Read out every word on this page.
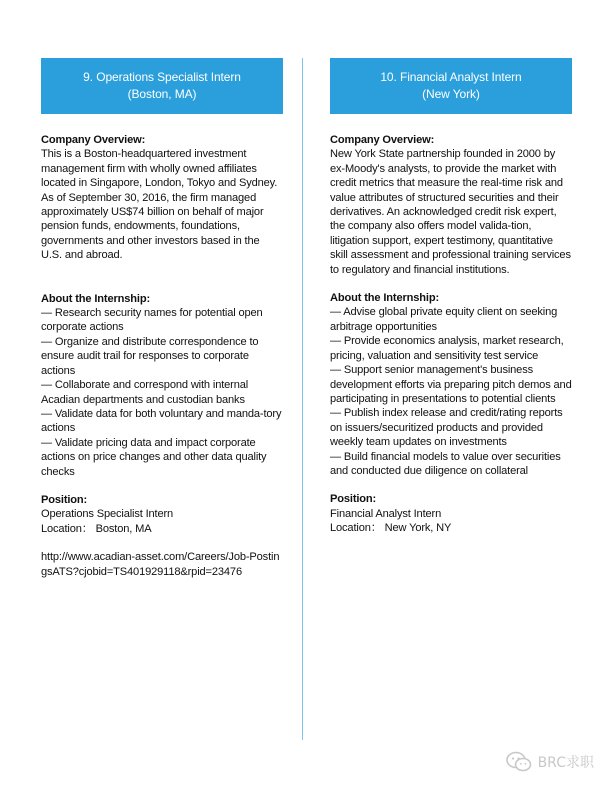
9. Operations Specialist Intern
(Boston, MA)

Company Overview:

This is a Boston-headquartered investment management firm with wholly owned affiliates located in Singapore, London, Tokyo and Sydney. As of September 30, 2016, the firm managed approximately US$74 billion on behalf of major pension funds, endowments, foundations, governments and other investors based in the U.S. and abroad.

About the Internship:

— Research security names for potential open corporate actions
— Organize and distribute correspondence to ensure audit trail for responses to corporate actions
— Collaborate and correspond with internal Acadian departments and custodian banks
— Validate data for both voluntary and manda-tory actions
— Validate pricing data and impact corporate actions on price changes and other data quality checks

Position:

Operations Specialist Intern

Location： Boston, MA

http://www.acadian-asset.com/Careers/Job-PostingsATS?cjobid=TS401929118&rpid=23476

10. Financial Analyst Intern
(New York)

Company Overview:

New York State partnership founded in 2000 by ex-Moody's analysts, to provide the market with credit metrics that measure the real-time risk and value attributes of structured securities and their derivatives. An acknowledged credit risk expert, the company also offers model valida-tion, litigation support, expert testimony, quantitative skill assessment and professional training services to regulatory and financial institutions.

About the Internship:

— Advise global private equity client on seeking arbitrage opportunities
— Provide economics analysis, market research, pricing, valuation and sensitivity test service
— Support senior management's business development efforts via preparing pitch demos and participating in presentations to potential clients
— Publish index release and credit/rating reports on issuers/securitized products and provided weekly team updates on investments
— Build financial models to value over securities and conducted due diligence on collateral

Position:

Financial Analyst Intern

Location： New York, NY

BRC求职
